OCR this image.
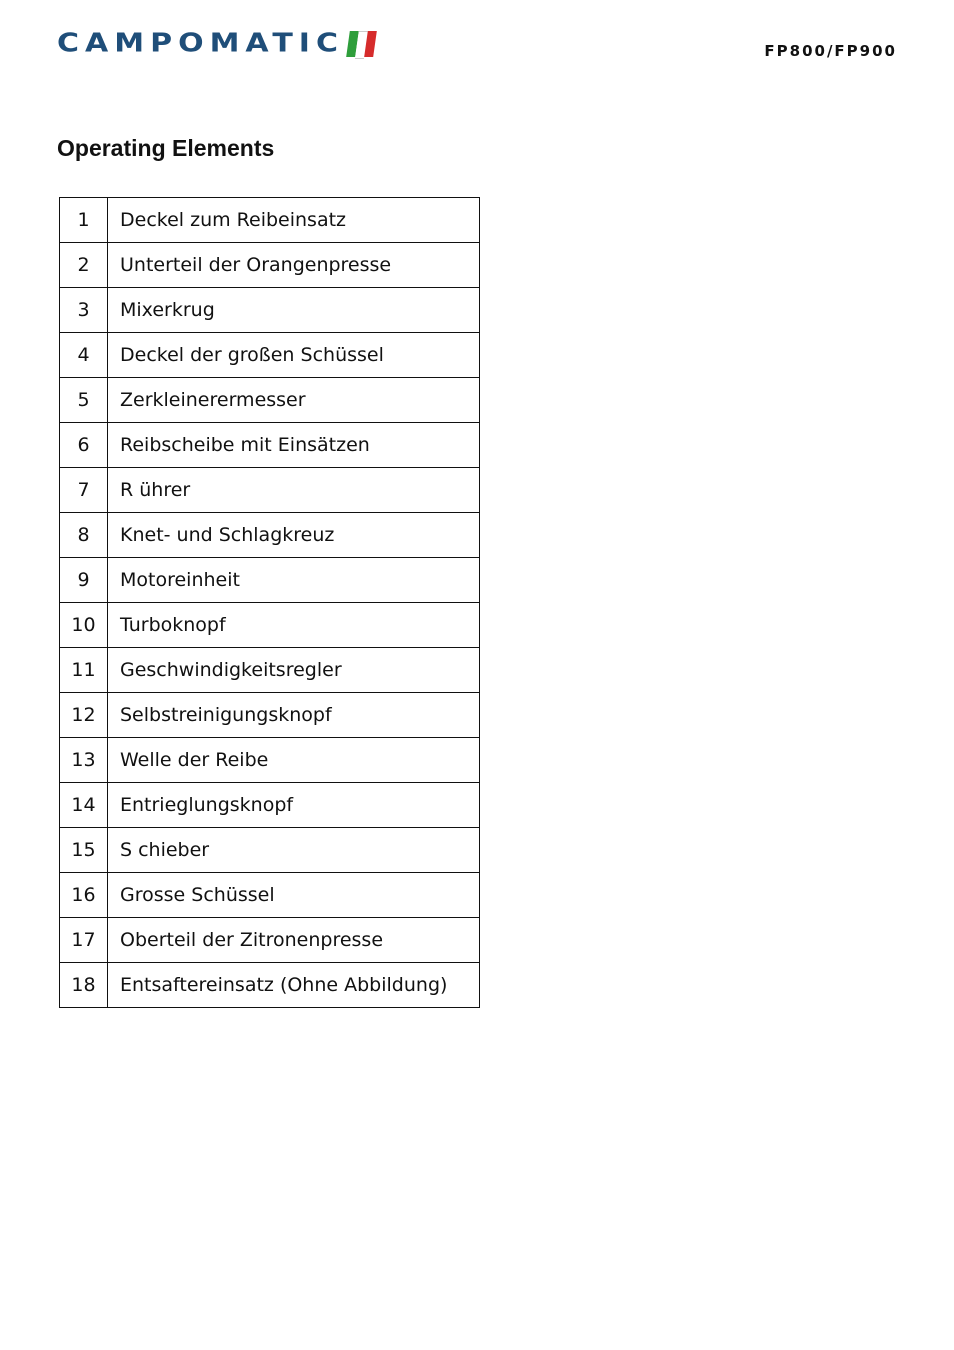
CAMPOMATIC	FP800/FP900
Operating Elements
1	Deckel zum Reibeinsatz
2	Unterteil der Orangenpresse
3	Mixerkrug
4	Deckel der großen Schüssel
5	Zerkleinerermesser
6	Reibscheibe mit Einsätzen
7	R ührer
8	Knet- und Schlagkreuz
9	Motoreinheit
10	Turboknopf
11	Geschwindigkeitsregler
12	Selbstreinigungsknopf
13	Welle der Reibe
14	Entrieglungsknopf
15	S chieber
16	Grosse Schüssel
17	Oberteil der Zitronenpresse
18	Entsaftereinsatz (Ohne Abbildung)
